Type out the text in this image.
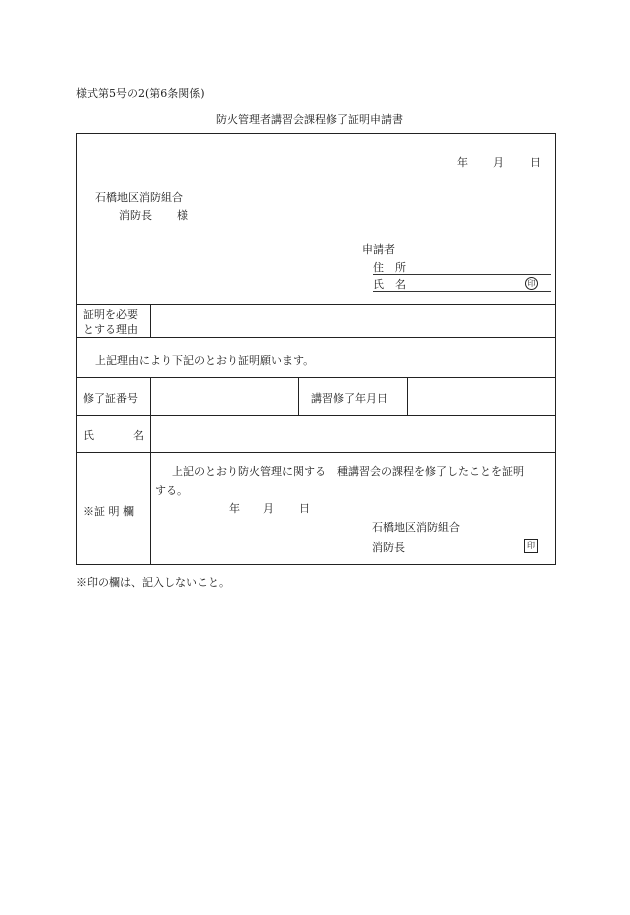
様式第5号の2(第6条関係)
防火管理者講習会課程修了証明申請書
年 月 日
石橋地区消防組合
消防長 様
申請者
住　所
氏　名	印
証明を必要
とする理由
上記理由により下記のとおり証明願います。
修了証番号	講習修了年月日
氏	名
※証 明 欄
上記のとおり防火管理に関する　種講習会の課程を修了したことを証明
する。
年 月 日
石橋地区消防組合
消防長	印
※印の欄は、記入しないこと。
